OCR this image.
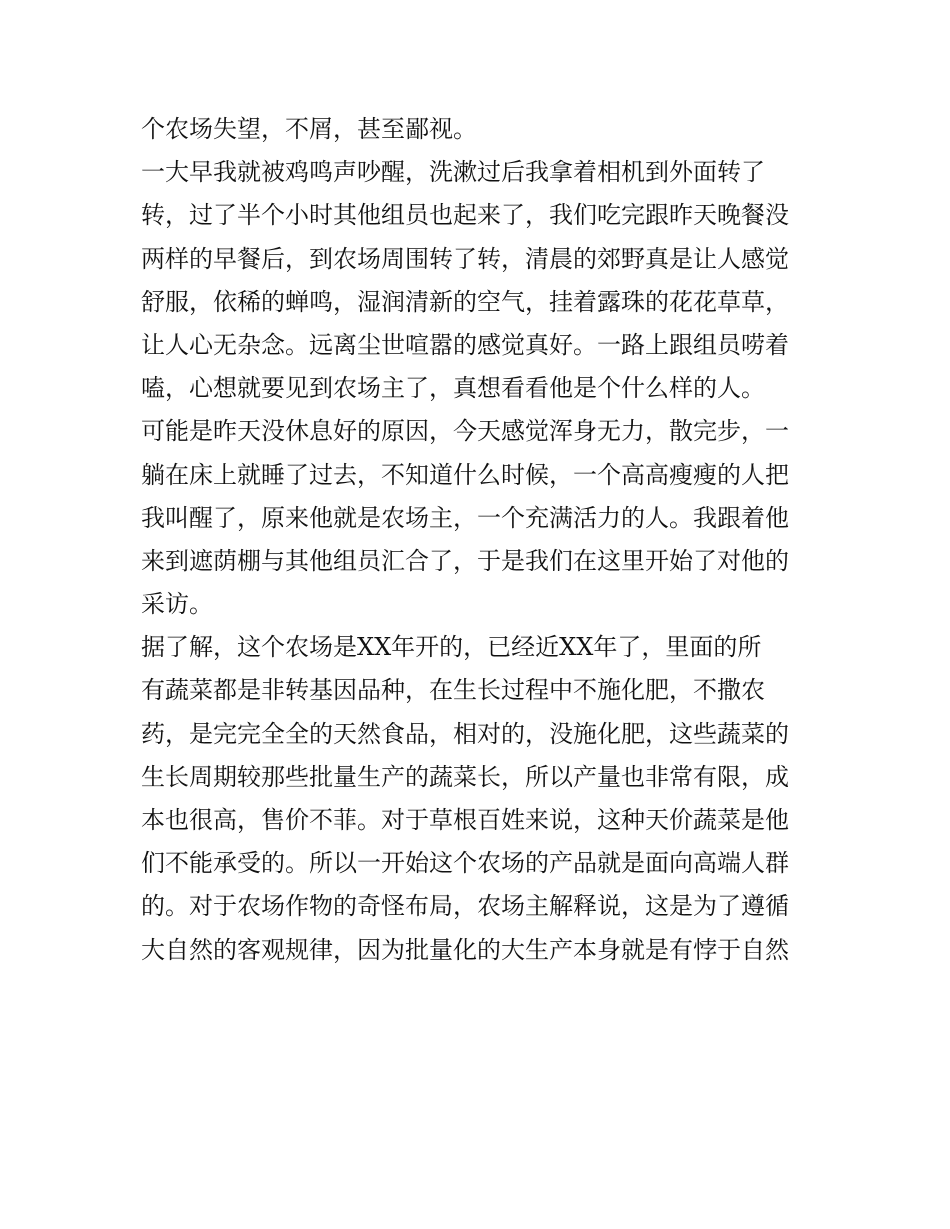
个农场失望，不屑，甚至鄙视。
一大早我就被鸡鸣声吵醒，洗漱过后我拿着相机到外面转了
转，过了半个小时其他组员也起来了，我们吃完跟昨天晚餐没
两样的早餐后，到农场周围转了转，清晨的郊野真是让人感觉
舒服，依稀的蝉鸣，湿润清新的空气，挂着露珠的花花草草，
让人心无杂念。远离尘世喧嚣的感觉真好。一路上跟组员唠着
嗑，心想就要见到农场主了，真想看看他是个什么样的人。
可能是昨天没休息好的原因，今天感觉浑身无力，散完步，一
躺在床上就睡了过去，不知道什么时候，一个高高瘦瘦的人把
我叫醒了，原来他就是农场主，一个充满活力的人。我跟着他
来到遮荫棚与其他组员汇合了，于是我们在这里开始了对他的
采访。
据了解，这个农场是XX年开的，已经近XX年了，里面的所
有蔬菜都是非转基因品种，在生长过程中不施化肥，不撒农
药，是完完全全的天然食品，相对的，没施化肥，这些蔬菜的
生长周期较那些批量生产的蔬菜长，所以产量也非常有限，成
本也很高，售价不菲。对于草根百姓来说，这种天价蔬菜是他
们不能承受的。所以一开始这个农场的产品就是面向高端人群
的。对于农场作物的奇怪布局，农场主解释说，这是为了遵循
大自然的客观规律，因为批量化的大生产本身就是有悖于自然
